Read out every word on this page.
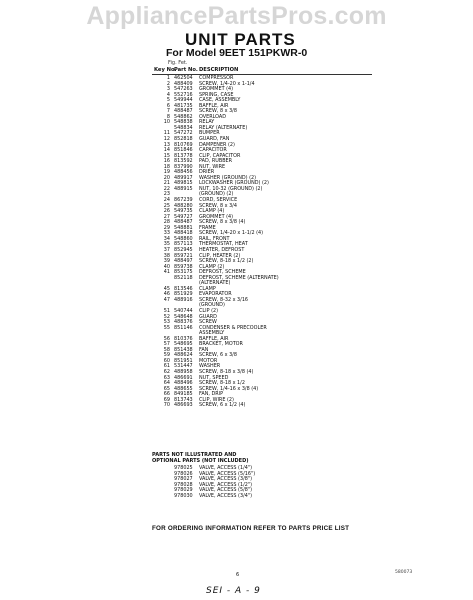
AppliancePartsPros.com
UNIT PARTS
For Model 9EET 151PKWR-0
Fig. Fet.
Key No.
Part No. DESCRIPTION
1 462504 COMPRESSOR
2 488409 SCREW, 1/4-20 x 1-1/4
3 547263 GROMMET (4)
4 552716 SPRING, CASE
5 549944 CASE, ASSEMBLY
6 481735 BAFFLE, AIR
7 488487 SCREW, 8 x 3/8
8 548862 OVERLOAD
10 548838 RELAY
548834 RELAY (ALTERNATE)
11 547272 BUMPER
12 852818 GUARD, FAN
13 810769 DAMPENER (2)
14 851846 CAPACITOR
15 813778 CLIP, CAPACITOR
16 813592 PAD, RUBBER
18 837990 NUT, WIRE
19 488456 DRIER
20 489917 WASHER (GROUND) (2)
21 489815 LOCKWASHER (GROUND) (2)
22 488915 NUT, 10-32 (GROUND) (2)
23	(GROUND) (2)
24 867239 CORD, SERVICE
25 488280 SCREW, 8 x 3/4
26 549735 CLAMP (4)
27 549727 GROMMET (4)
28 488487 SCREW, 8 x 3/8 (4)
29 548881 FRAME
33 488418 SCREW, 1/4-20 x 1-1/2 (4)
34 548860 RAIL, FRONT
35 857113 THERMOSTAT, HEAT
37 852945 HEATER, DEFROST
38 859721 CLIP, HEATER (2)
39 488497 SCREW, 8-18 x 1/2 (2)
40 859738 CLAMP (2)
41 853175 DEFROST, SCHEME
852118 DEFROST, SCHEME (ALTERNATE)
(ALTERNATE)
45 813546 CLAMP
46 851929 EVAPORATOR
47 488916 SCREW, 8-32 x 3/16
(GROUND)
51 540744 CLIP (2)
52 548648 GUARD
53 488376 SCREW
55 851146 CONDENSER & PRECOOLER
ASSEMBLY
56 810376 BAFFLE, AIR
57 548695 BRACKET, MOTOR
58 851438 FAN
59 488624 SCREW, 6 x 3/8
60 851951 MOTOR
61 531447 WASHER
62 488958 SCREW, 8-18 x 3/8 (4)
63 486691 NUT, SPEED
64 488496 SCREW, 8-18 x 1/2
65 488655 SCREW, 1/4-16 x 3/8 (4)
66 849185 FAN, DRIP
69 813743 CLIP, WIRE (2)
70 486693 SCREW, 6 x 1/2 (4)
PARTS NOT ILLUSTRATED AND
OPTIONAL PARTS (NOT INCLUDED)
978025 VALVE, ACCESS (1/4")
978026 VALVE, ACCESS (5/16")
978027 VALVE, ACCESS (3/8")
978028 VALVE, ACCESS (1/2")
978029 VALVE, ACCESS (5/8")
978030 VALVE, ACCESS (3/4")
FOR ORDERING INFORMATION REFER TO PARTS PRICE LIST
6	580073
SEI - A - 9
